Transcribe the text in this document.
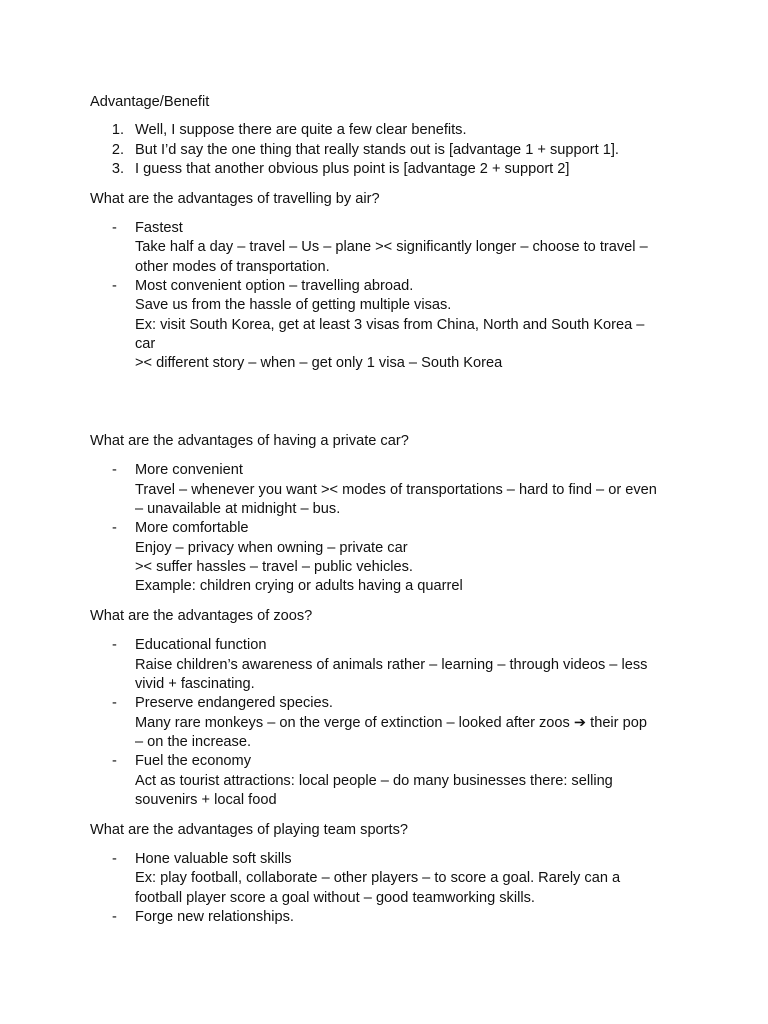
Advantage/Benefit
1. Well, I suppose there are quite a few clear benefits.
2. But I’d say the one thing that really stands out is [advantage 1 + support 1].
3. I guess that another obvious plus point is [advantage 2 + support 2]
What are the advantages of travelling by air?
- Fastest
Take half a day – travel – Us – plane >< significantly longer – choose to travel –
other modes of transportation.
- Most convenient option – travelling abroad.
Save us from the hassle of getting multiple visas.
Ex: visit South Korea, get at least 3 visas from China, North and South Korea –
car
>< different story – when – get only 1 visa – South Korea
What are the advantages of having a private car?
- More convenient
Travel – whenever you want >< modes of transportations – hard to find – or even
– unavailable at midnight – bus.
- More comfortable
Enjoy – privacy when owning – private car
>< suffer hassles – travel – public vehicles.
Example: children crying or adults having a quarrel
What are the advantages of zoos?
- Educational function
Raise children’s awareness of animals rather – learning – through videos – less
vivid + fascinating.
- Preserve endangered species.
Many rare monkeys – on the verge of extinction – looked after zoos ➔ their pop
– on the increase.
- Fuel the economy
Act as tourist attractions: local people – do many businesses there: selling
souvenirs + local food
What are the advantages of playing team sports?
- Hone valuable soft skills
Ex: play football, collaborate – other players – to score a goal. Rarely can a
football player score a goal without – good teamworking skills.
- Forge new relationships.
